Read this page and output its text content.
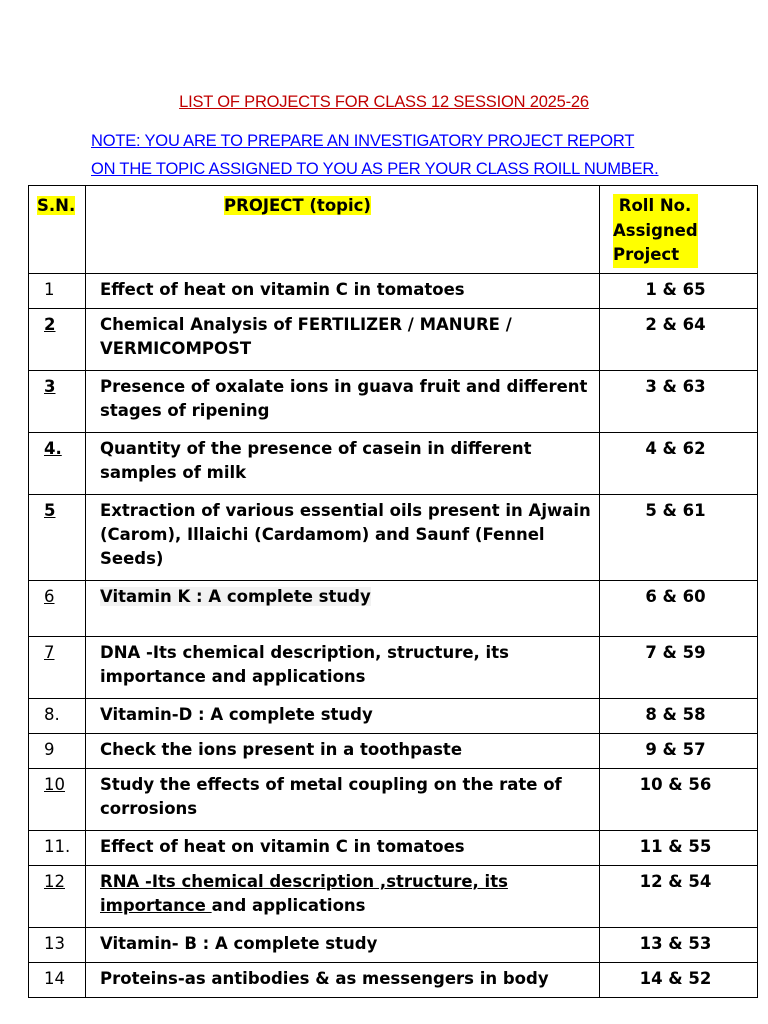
LIST OF PROJECTS FOR CLASS 12 SESSION 2025-26
NOTE: YOU ARE TO PREPARE AN INVESTIGATORY PROJECT REPORT
ON THE TOPIC ASSIGNED TO YOU AS PER YOUR CLASS ROILL NUMBER.
S.N.	PROJECT (topic)	Roll No.
Assigned
Project
1	Effect of heat on vitamin C in tomatoes	1 & 65
2	Chemical Analysis of FERTILIZER / MANURE / VERMICOMPOST	2 & 64
3	Presence of oxalate ions in guava fruit and different stages of ripening	3 & 63
4.	Quantity of the presence of casein in different samples of milk	4 & 62
5	Extraction of various essential oils present in Ajwain (Carom), Illaichi (Cardamom) and Saunf (Fennel Seeds)	5 & 61
6	Vitamin K : A complete study	6 & 60
7	DNA -Its chemical description, structure, its importance and applications	7 & 59
8.	Vitamin-D : A complete study	8 & 58
9	Check the ions present in a toothpaste	9 & 57
10	Study the effects of metal coupling on the rate of corrosions	10 & 56
11.	Effect of heat on vitamin C in tomatoes	11 & 55
12	RNA -Its chemical description ,structure, its importance and applications	12 & 54
13	Vitamin- B : A complete study	13 & 53
14	Proteins-as antibodies & as messengers in body	14 & 52
